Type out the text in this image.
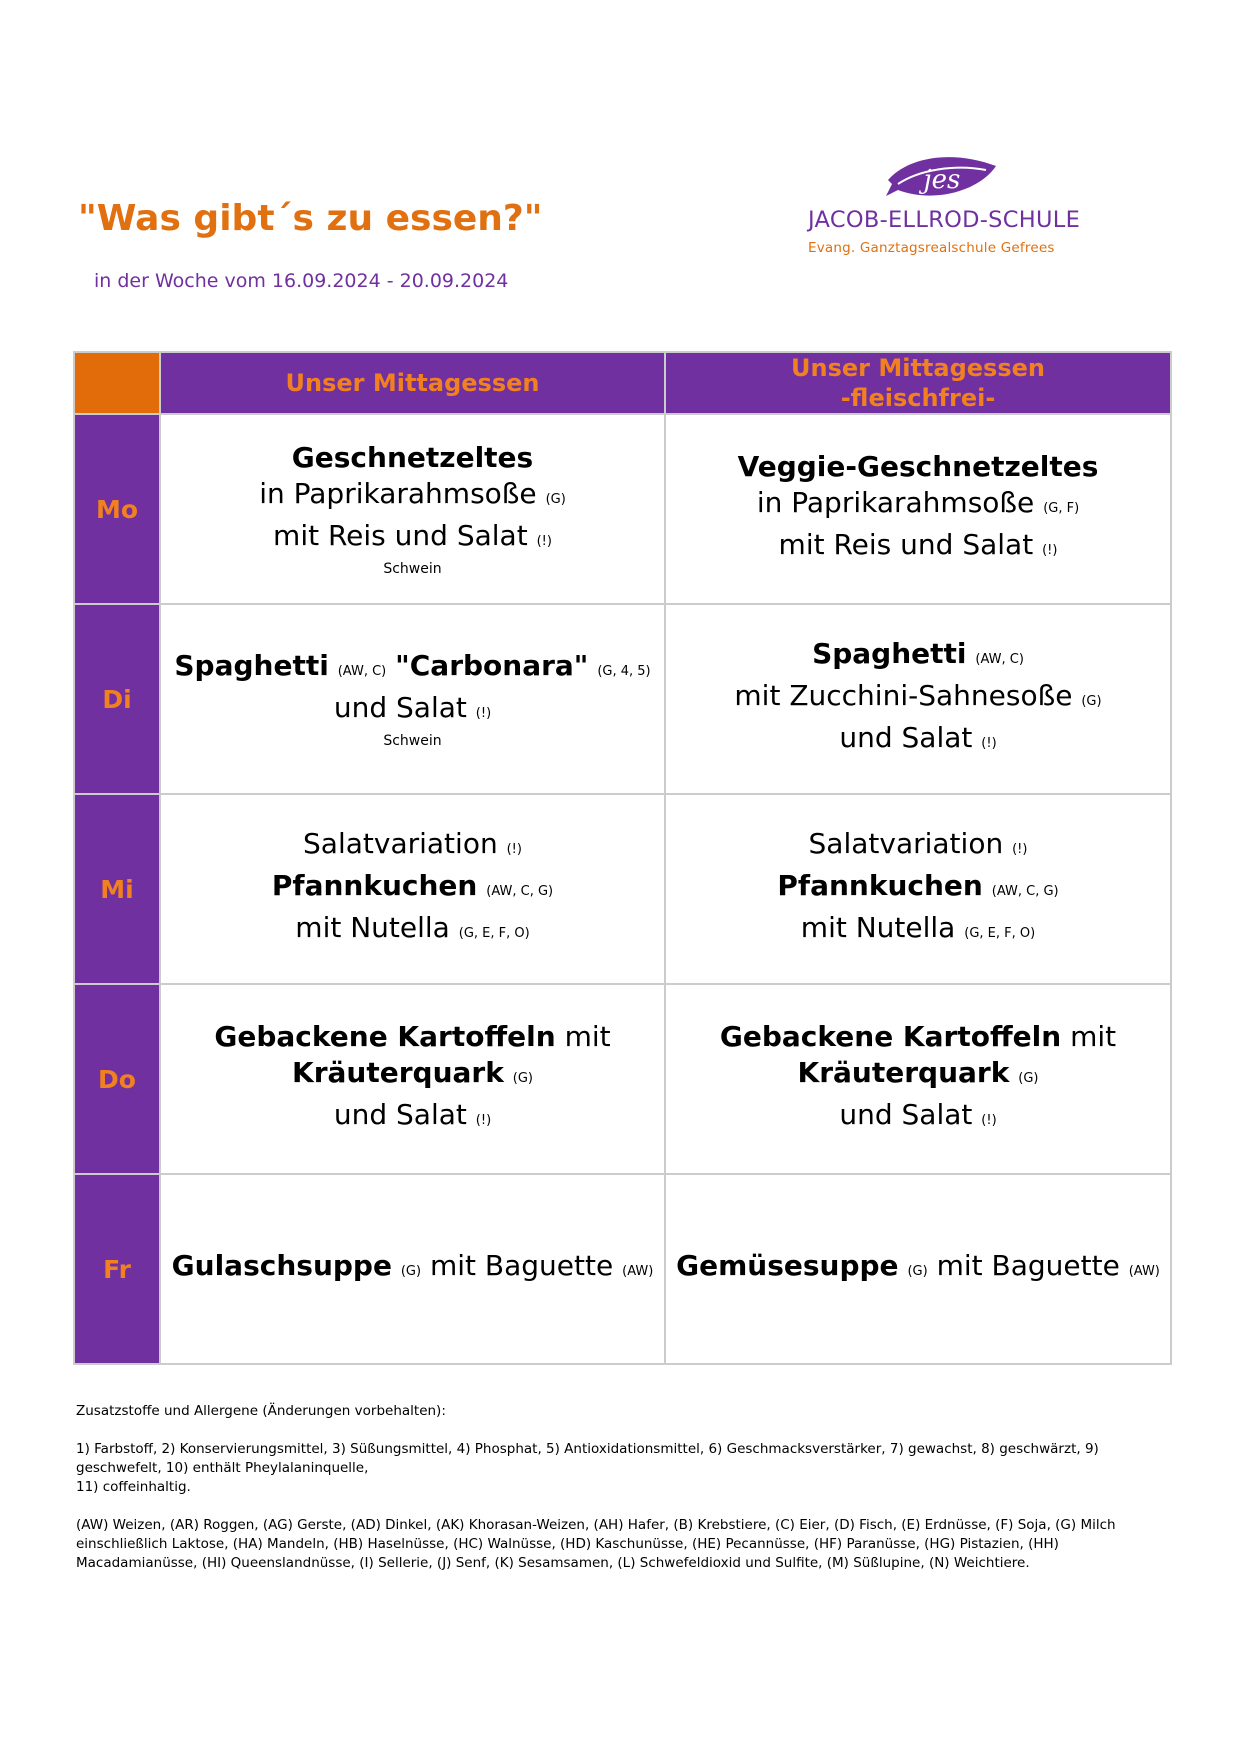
"Was gibt´s zu essen?"
in der Woche vom 16.09.2024 - 20.09.2024
jes
JACOB-ELLROD-SCHULE
Evang. Ganztagsrealschule Gefrees
	Unser Mittagessen	Unser Mittagessen
-fleischfrei-
Mo	Geschnetzeltes
in Paprikarahmsoße (G)
mit Reis und Salat (!)
Schwein	Veggie-Geschnetzeltes
in Paprikarahmsoße (G, F)
mit Reis und Salat (!)
Di	Spaghetti (AW, C) "Carbonara" (G, 4, 5)
und Salat (!)
Schwein	Spaghetti (AW, C)
mit Zucchini-Sahnesoße (G)
und Salat (!)
Mi	Salatvariation (!)
Pfannkuchen (AW, C, G)
mit Nutella (G, E, F, O)	Salatvariation (!)
Pfannkuchen (AW, C, G)
mit Nutella (G, E, F, O)
Do	Gebackene Kartoffeln mit
Kräuterquark (G)
und Salat (!)	Gebackene Kartoffeln mit
Kräuterquark (G)
und Salat (!)
Fr	Gulaschsuppe (G) mit Baguette (AW)	Gemüsesuppe (G) mit Baguette (AW)

Zusatzstoffe und Allergene (Änderungen vorbehalten):

1) Farbstoff, 2) Konservierungsmittel, 3) Süßungsmittel, 4) Phosphat, 5) Antioxidationsmittel, 6) Geschmacksverstärker, 7) gewachst, 8) geschwärzt, 9) geschwefelt, 10) enthält Pheylalaninquelle,
11) coffeinhaltig.

(AW) Weizen, (AR) Roggen, (AG) Gerste, (AD) Dinkel, (AK) Khorasan-Weizen, (AH) Hafer, (B) Krebstiere, (C) Eier, (D) Fisch, (E) Erdnüsse, (F) Soja, (G) Milch einschließlich Laktose, (HA) Mandeln, (HB) Haselnüsse, (HC) Walnüsse, (HD) Kaschunüsse, (HE) Pecannüsse, (HF) Paranüsse, (HG) Pistazien, (HH) Macadamianüsse, (HI) Queenslandnüsse, (I) Sellerie, (J) Senf, (K) Sesamsamen, (L) Schwefeldioxid und Sulfite, (M) Süßlupine, (N) Weichtiere.
